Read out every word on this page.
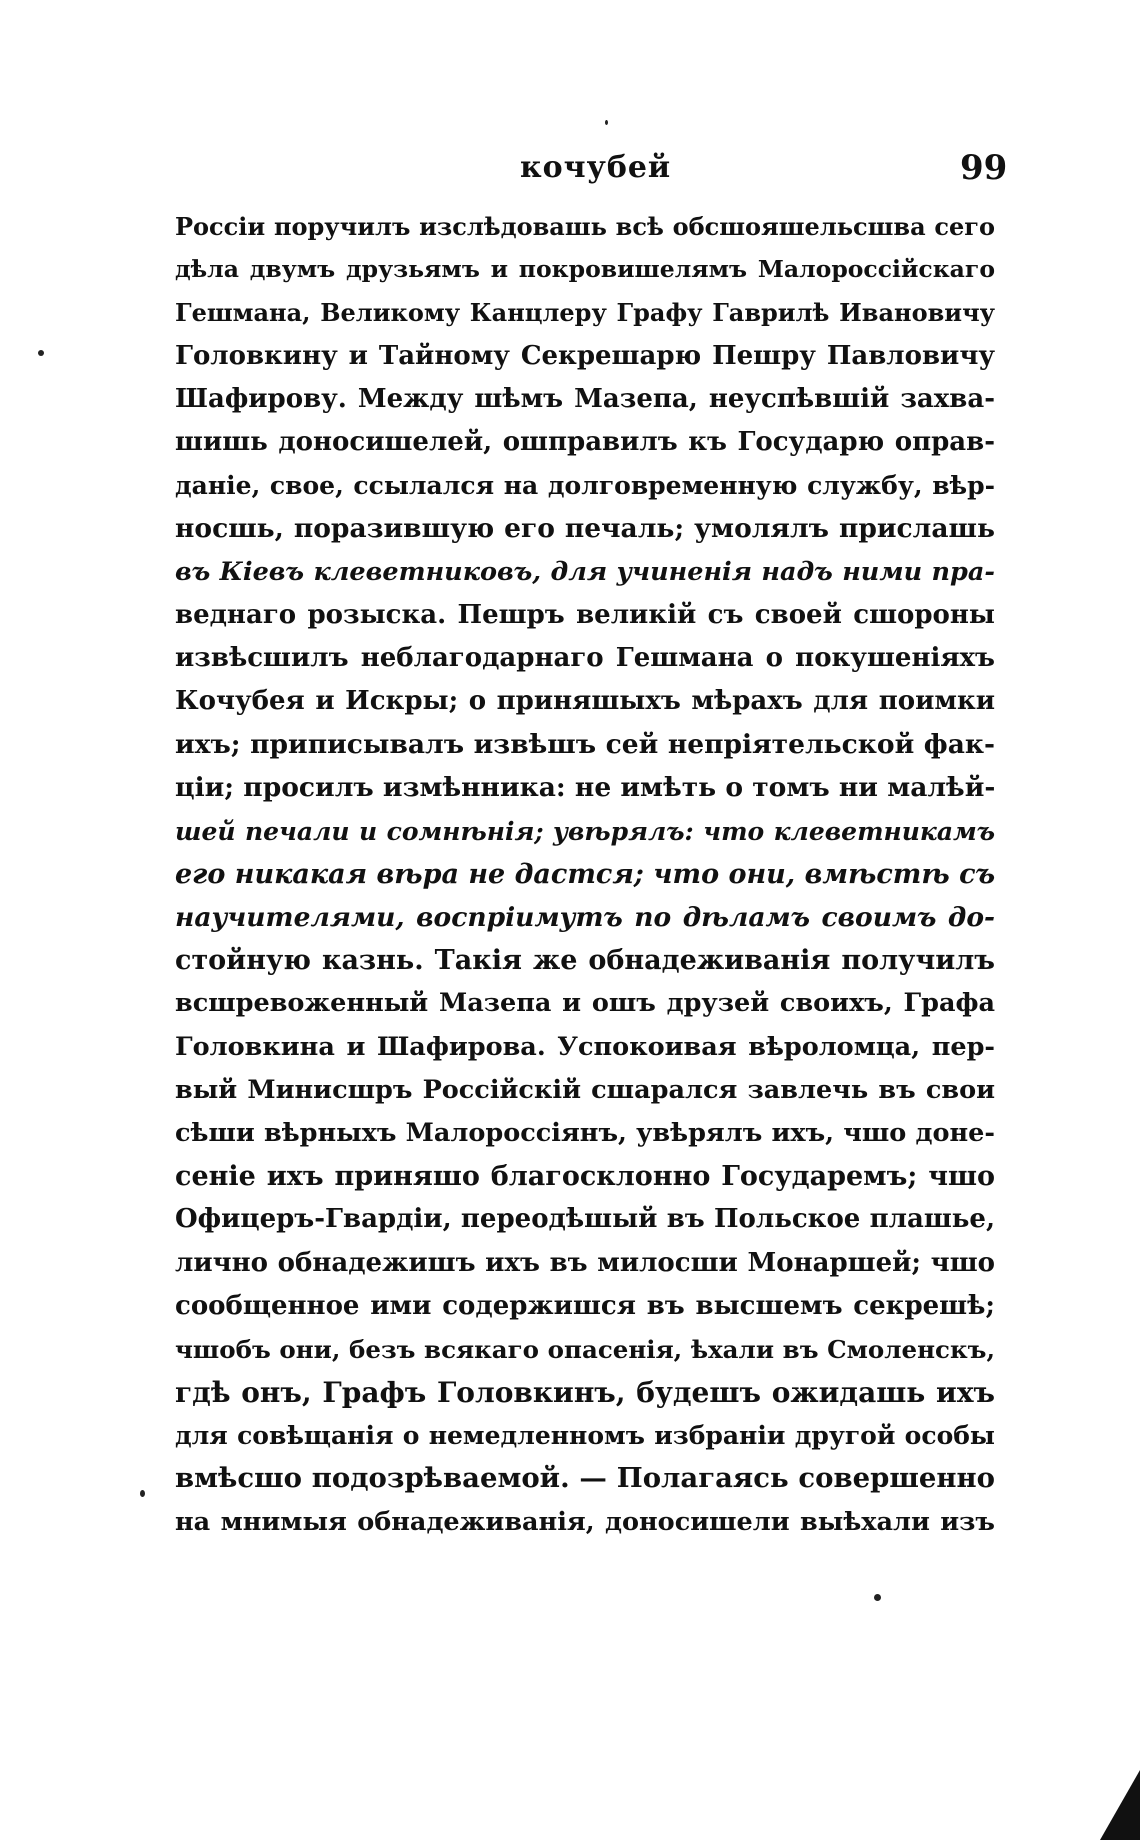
кочубей	99
Россіи поручилъ изслѣдовашь всѣ обсшояшельсшва сего
дѣла двумъ друзьямъ и покровишелямъ Малороссійскаго
Гешмана, Великому Канцлеру Графу Гаврилѣ Ивановичу
Головкину и Тайному Секрешарю Пешру Павловичу
Шафирову. Между шѣмъ Мазепа, неуспѣвшій захва-
шишь доносишелей, ошправилъ къ Государю оправ-
даніе, свое, ссылался на долговременную службу, вѣр-
носшь, поразившую его печаль; умолялъ прислашь
въ Кіевъ клеветниковъ, для учиненія надъ ними пра-
веднаго розыска. Пешръ великій съ своей сшороны
извѣсшилъ неблагодарнаго Гешмана о покушеніяхъ
Кочубея и Искры; о приняшыхъ мѣрахъ для поимки
ихъ; приписывалъ извѣшъ сей непріятельской фак-
ціи; просилъ измѣнника: не имѣть о томъ ни малѣй-
шей печали и сомнѣнія; увѣрялъ: что клеветникамъ
его никакая вѣра не дастся; что они, вмѣстѣ съ
научителями, воспріимутъ по дѣламъ своимъ до-
стойную казнь. Такія же обнадеживанія получилъ
всшревоженный Мазепа и ошъ друзей своихъ, Графа
Головкина и Шафирова. Успокоивая вѣроломца, пер-
вый Минисшръ Россійскій сшарался завлечь въ свои
сѣши вѣрныхъ Малороссіянъ, увѣрялъ ихъ, чшо доне-
сеніе ихъ приняшо благосклонно Государемъ; чшо
Офицеръ-Гвардіи, переодѣшый въ Польское плашье,
лично обнадежишъ ихъ въ милосши Монаршей; чшо
сообщенное ими содержишся въ высшемъ секрешѣ;
чшобъ они, безъ всякаго опасенія, ѣхали въ Смоленскъ,
гдѣ онъ, Графъ Головкинъ, будешъ ожидашь ихъ
для совѣщанія о немедленномъ избраніи другой особы
вмѣсшо подозрѣваемой. — Полагаясь совершенно
на мнимыя обнадеживанія, доносишели выѣхали изъ
